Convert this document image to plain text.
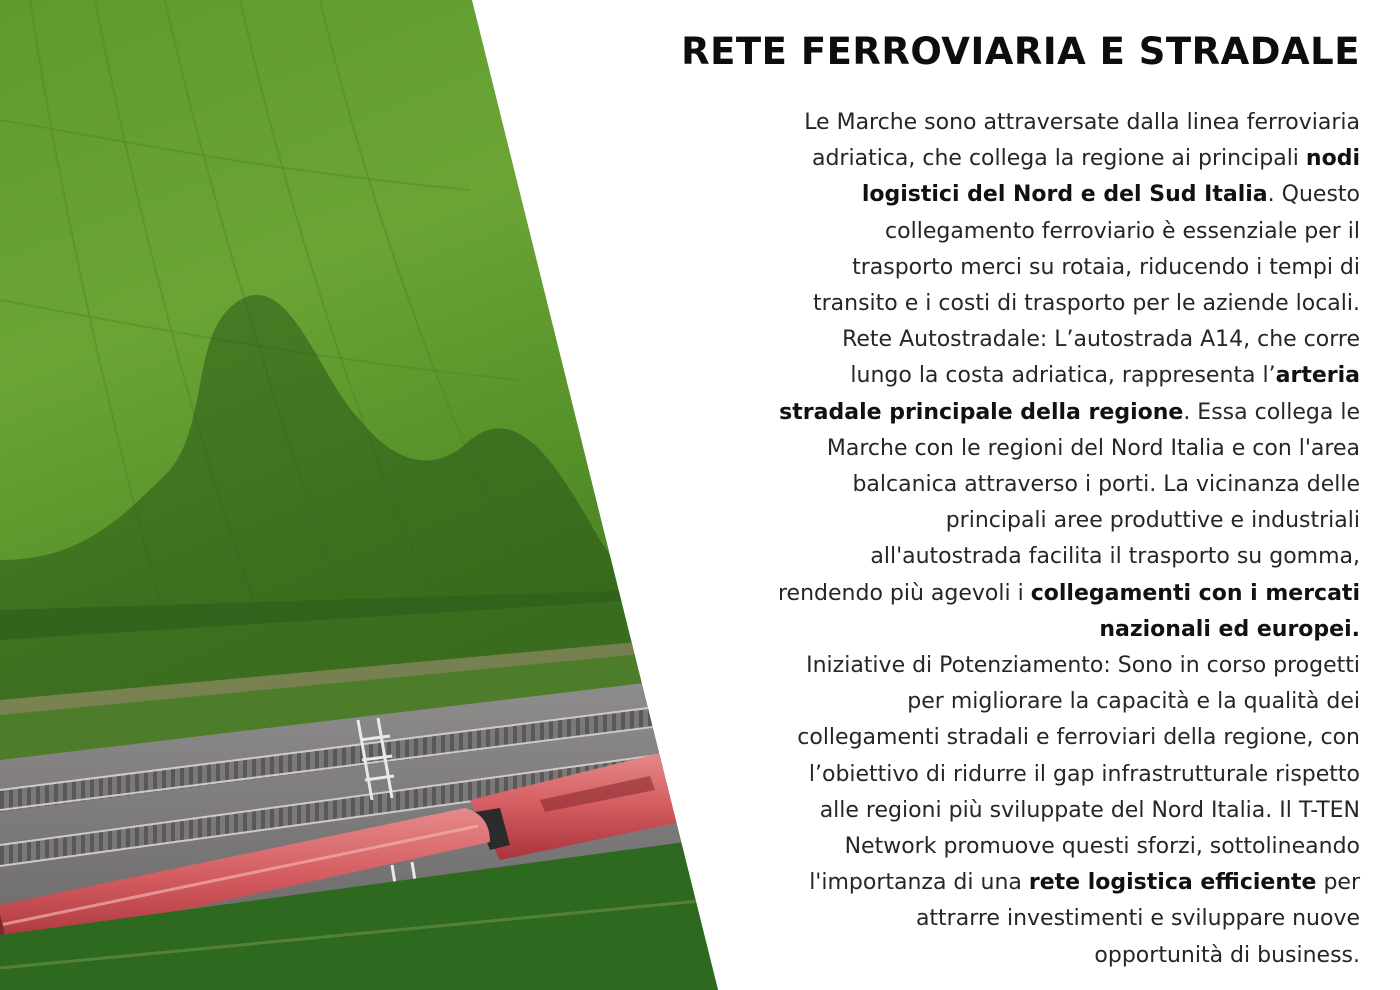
RETE FERROVIARIA E STRADALE
Le Marche sono attraversate dalla linea ferroviaria
adriatica, che collega la regione ai principali nodi
logistici del Nord e del Sud Italia. Questo
collegamento ferroviario è essenziale per il
trasporto merci su rotaia, riducendo i tempi di
transito e i costi di trasporto per le aziende locali.
Rete Autostradale: L’autostrada A14, che corre
lungo la costa adriatica, rappresenta l’arteria
stradale principale della regione. Essa collega le
Marche con le regioni del Nord Italia e con l'area
balcanica attraverso i porti. La vicinanza delle
principali aree produttive e industriali
all'autostrada facilita il trasporto su gomma,
rendendo più agevoli i collegamenti con i mercati
nazionali ed europei.
Iniziative di Potenziamento: Sono in corso progetti
per migliorare la capacità e la qualità dei
collegamenti stradali e ferroviari della regione, con
l’obiettivo di ridurre il gap infrastrutturale rispetto
alle regioni più sviluppate del Nord Italia. Il T-TEN
Network promuove questi sforzi, sottolineando
l'importanza di una rete logistica efficiente per
attrarre investimenti e sviluppare nuove
opportunità di business.
